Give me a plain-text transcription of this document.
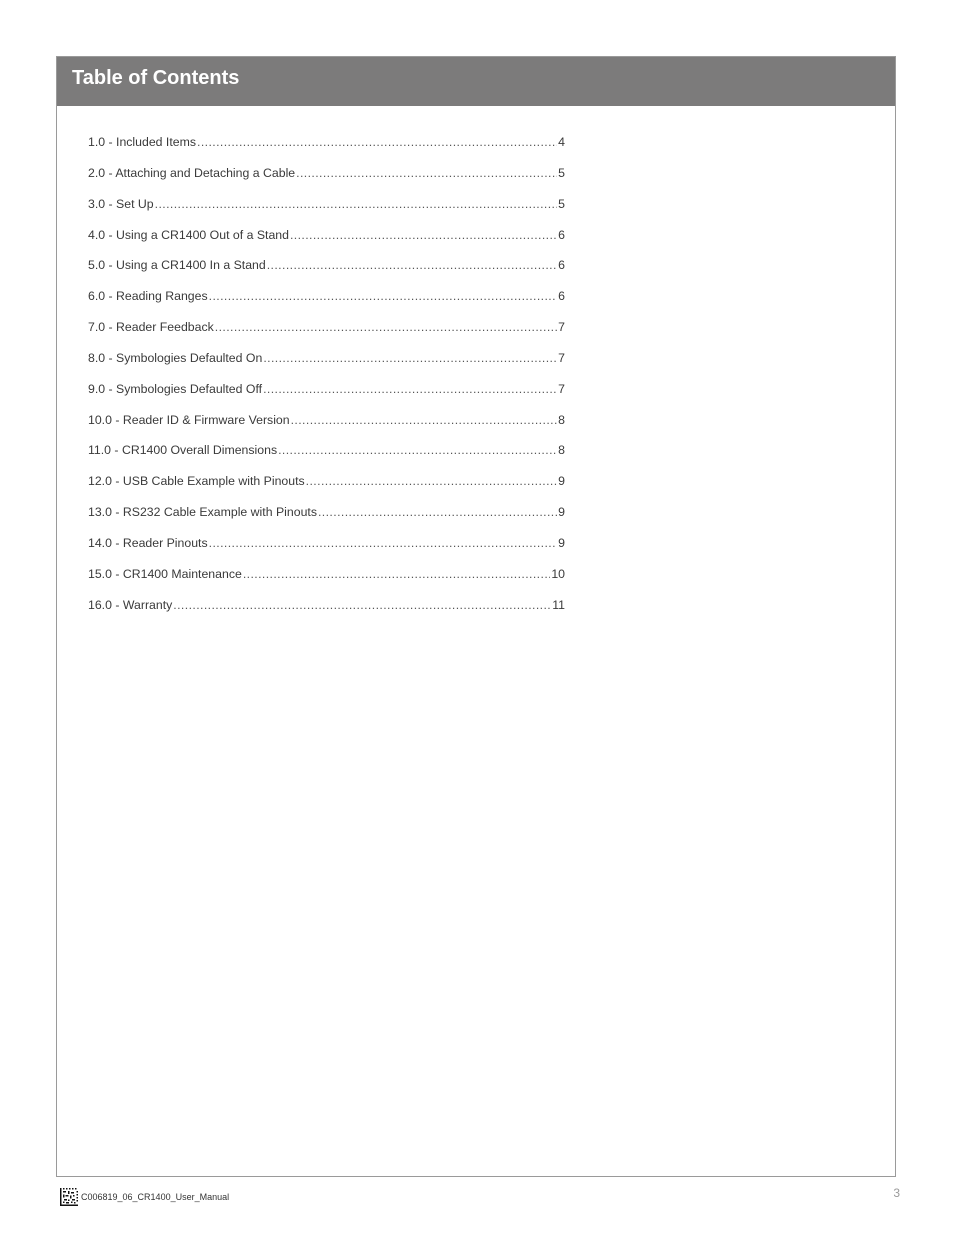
Table of Contents
1.0 - Included Items .....	4
2.0 - Attaching and Detaching a Cable .....	5
3.0 - Set Up .....	5
4.0 - Using a CR1400 Out of a Stand .....	6
5.0 - Using a CR1400 In a Stand .....	6
6.0 - Reading Ranges .....	6
7.0 - Reader Feedback .....	7
8.0 - Symbologies Defaulted On .....	7
9.0 - Symbologies Defaulted Off .....	7
10.0 - Reader ID & Firmware Version .....	8
11.0 - CR1400 Overall Dimensions .....	8
12.0 - USB Cable Example with Pinouts .....	9
13.0 - RS232 Cable Example with Pinouts .....	9
14.0 - Reader Pinouts .....	9
15.0 - CR1400 Maintenance .....	10
16.0 - Warranty .....	11
3
C006819_06_CR1400_User_Manual
